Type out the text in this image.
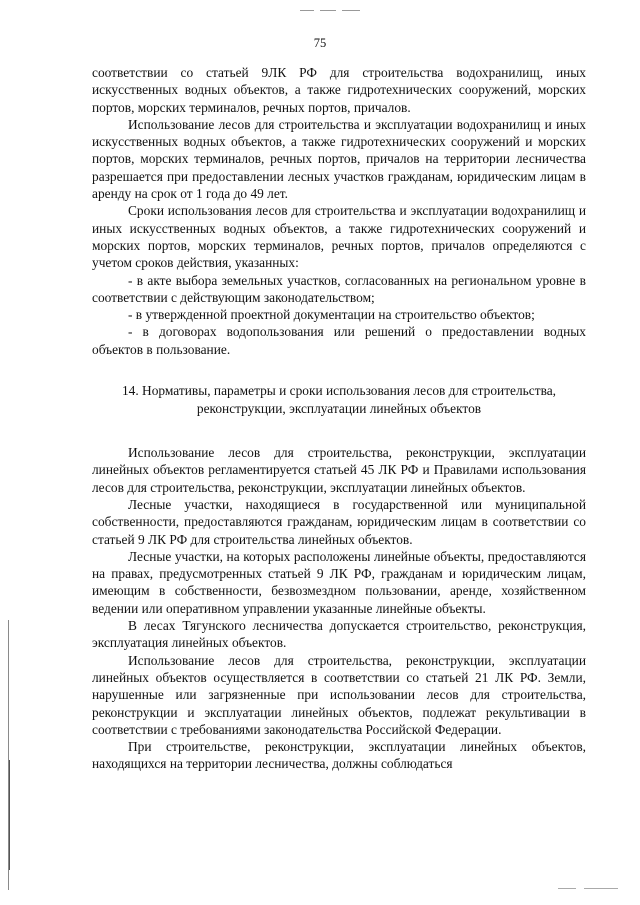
75

соответствии со статьей 9ЛК РФ для строительства водохранилищ, иных искусственных водных объектов, а также гидротехнических сооружений, морских портов, морских терминалов, речных портов, причалов.

Использование лесов для строительства и эксплуатации водохранилищ и иных искусственных водных объектов, а также гидротехнических сооружений и морских портов, морских терминалов, речных портов, причалов на территории лесничества разрешается при предоставлении лесных участков гражданам, юридическим лицам в аренду на срок от 1 года до 49 лет.

Сроки использования лесов для строительства и эксплуатации водохранилищ и иных искусственных водных объектов, а также гидротехнических сооружений и морских портов, морских терминалов, речных портов, причалов определяются с учетом сроков действия, указанных:

- в акте выбора земельных участков, согласованных на региональном уровне в соответствии с действующим законодательством;

- в утвержденной проектной документации на строительство объектов;

- в договорах водопользования или решений о предоставлении водных объектов в пользование.

14. Нормативы, параметры и сроки использования лесов для строительства,
реконструкции, эксплуатации линейных объектов

Использование лесов для строительства, реконструкции, эксплуатации линейных объектов регламентируется статьей 45 ЛК РФ и Правилами использования лесов для строительства, реконструкции, эксплуатации линейных объектов.

Лесные участки, находящиеся в государственной или муниципальной собственности, предоставляются гражданам, юридическим лицам в соответствии со статьей 9 ЛК РФ для строительства линейных объектов.

Лесные участки, на которых расположены линейные объекты, предоставляются на правах, предусмотренных статьей 9 ЛК РФ, гражданам и юридическим лицам, имеющим в собственности, безвозмездном пользовании, аренде, хозяйственном ведении или оперативном управлении указанные линейные объекты.

В лесах Тягунского лесничества допускается строительство, реконструкция, эксплуатация линейных объектов.

Использование лесов для строительства, реконструкции, эксплуатации линейных объектов осуществляется в соответствии со статьей 21 ЛК РФ. Земли, нарушенные или загрязненные при использовании лесов для строительства, реконструкции и эксплуатации линейных объектов, подлежат рекультивации в соответствии с требованиями законодательства Российской Федерации.

При строительстве, реконструкции, эксплуатации линейных объектов, находящихся на территории лесничества, должны соблюдаться
